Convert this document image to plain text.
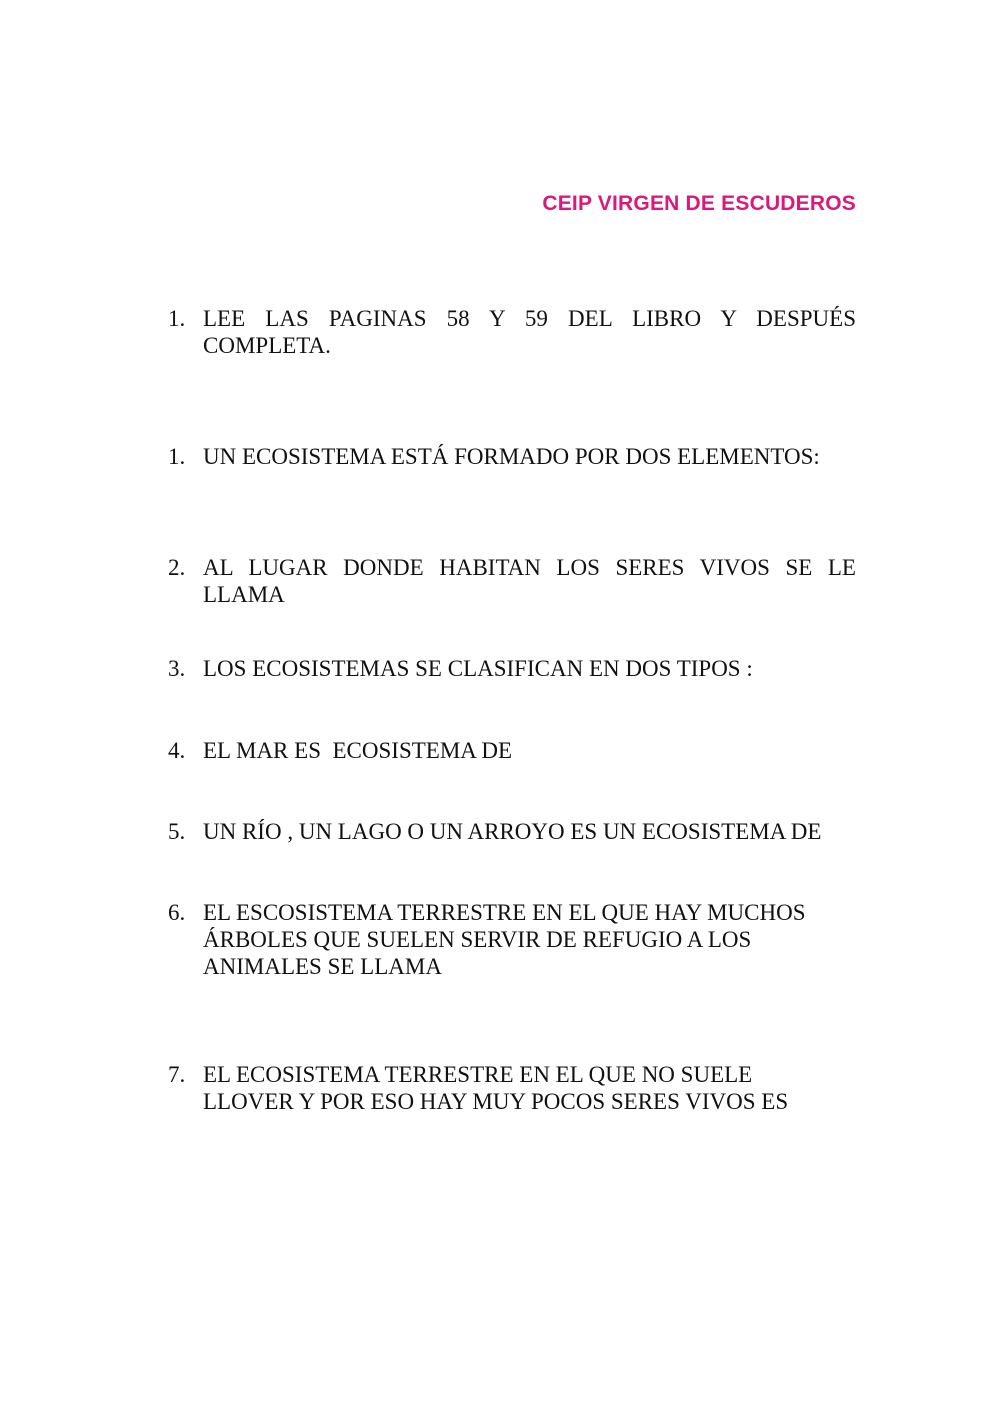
CEIP VIRGEN DE ESCUDEROS
1. LEE LAS PAGINAS 58 Y 59 DEL LIBRO Y DESPUÉS COMPLETA.
1. UN ECOSISTEMA ESTÁ FORMADO POR DOS ELEMENTOS:
2. AL LUGAR DONDE HABITAN LOS SERES VIVOS SE LE LLAMA
3. LOS ECOSISTEMAS SE CLASIFICAN EN DOS TIPOS :
4. EL MAR ES  ECOSISTEMA DE
5. UN RÍO , UN LAGO O UN ARROYO ES UN ECOSISTEMA DE
6. EL ESCOSISTEMA TERRESTRE EN EL QUE HAY MUCHOS ÁRBOLES QUE SUELEN SERVIR DE REFUGIO A LOS ANIMALES SE LLAMA
7. EL ECOSISTEMA TERRESTRE EN EL QUE NO SUELE LLOVER Y POR ESO HAY MUY POCOS SERES VIVOS ES
